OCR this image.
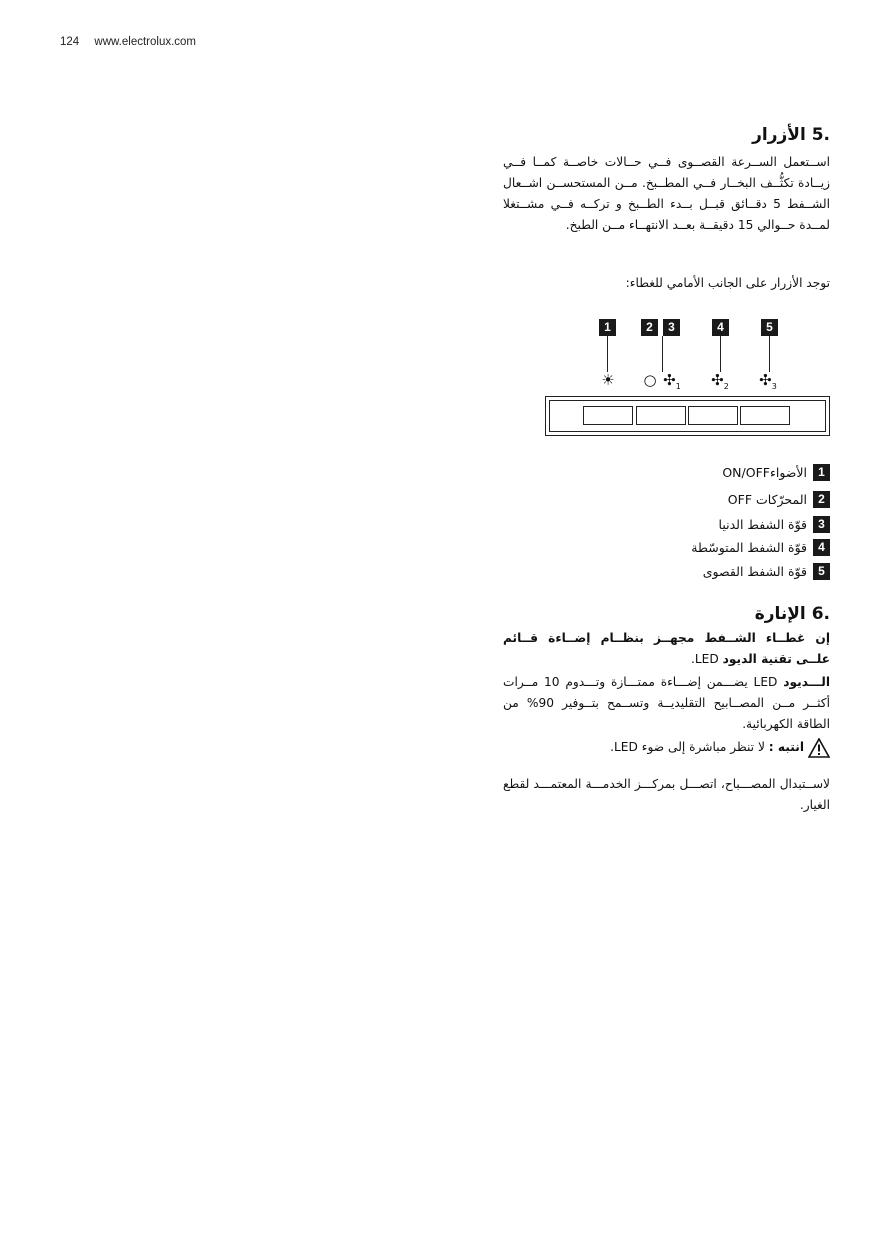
124 www.electrolux.com
.5 الأزرار
اســتعمل الســرعة القصــوى فــي حــالات خاصــة كمــا فــي زيــادة تكثُّــف البخــار فــي المطــبخ. مــن المستحســن اشــعال الشــفط 5 دقــائق قبــل بــدء الطــبخ و تركــه فــي مشــتغلا لمــدة حــوالي 15 دقيقــة بعــد الانتهــاء مــن الطبخ.
توجد الأزرار على الجانب الأمامي للغطاء:
1	2	3	4	5
☀ ○ $✣_1$ $✣_2$ $✣_3$
1
ON/OFFالأضواء
2
المحرّكات OFF
3
قوّة الشفط الدنيا
4
قوّة الشفط المتوسّطة
5
قوّة الشفط القصوى
.6 الإنارة
إن غطــاء الشــفط مجهــز بنظــام إضــاءة قــائم علــى تقنية الديود LED.
الـــديود LED يضـــمن إضـــاءة ممتـــازة وتـــدوم 10 مــرات أكثــر مــن المصــابيح التقليديــة وتســمح بتــوفير 90% من الطاقة الكهربائية.
انتبه : لا تنظر مباشرة إلى ضوء LED.
لاســتبدال المصـــباح، اتصـــل بمركـــز الخدمـــة المعتمـــد لقطع الغيار.
